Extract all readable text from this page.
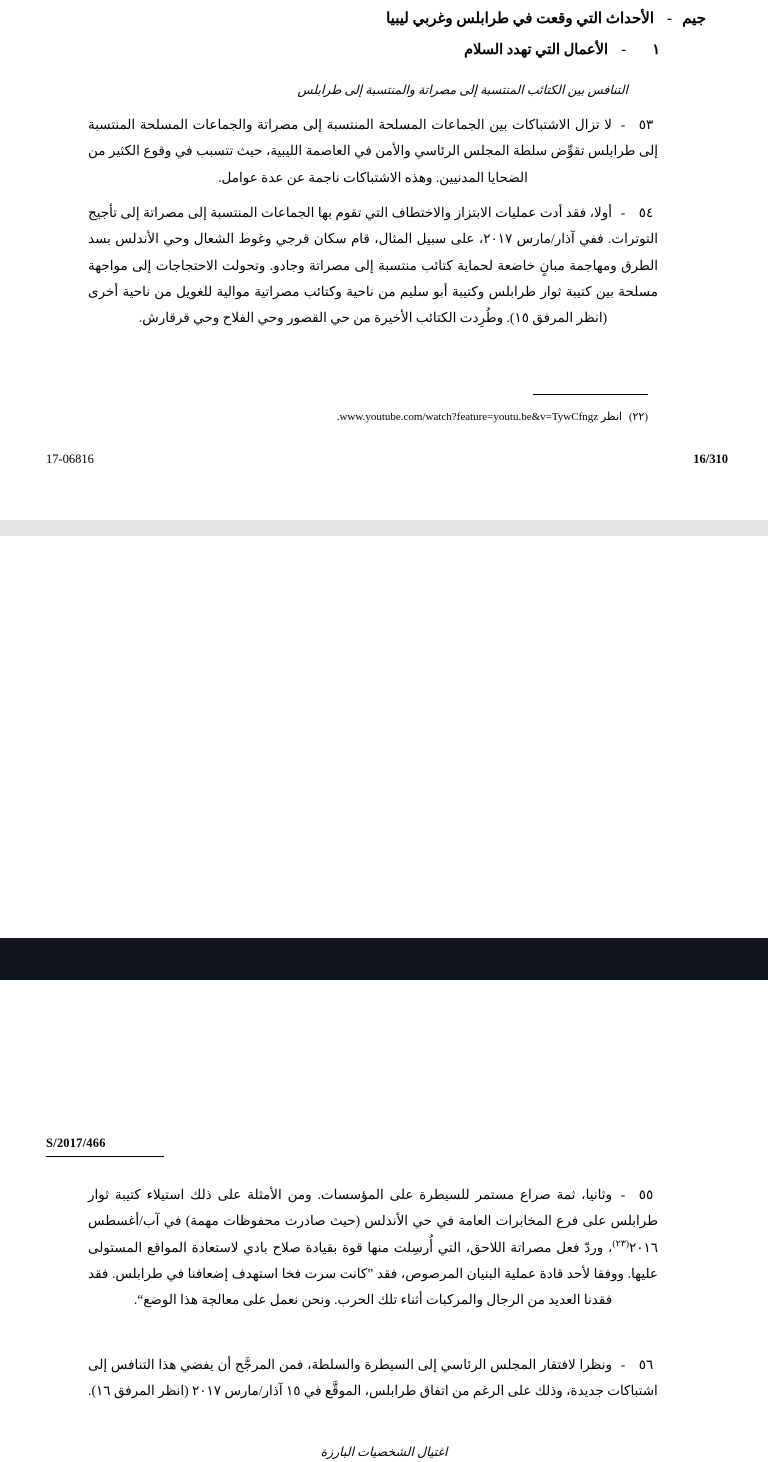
جيم-الأحداث التي وقعت في طرابلس وغربي ليبيا
١-الأعمال التي تهدد السلام

التنافس بين الكتائب المنتسبة إلى مصراتة والمنتسبة إلى طرابلس

٥٣-لا تزال الاشتباكات بين الجماعات المسلحة المنتسبة إلى مصراتة والجماعات المسلحة المنتسبة إلى طرابلس تقوِّض سلطة المجلس الرئاسي والأمن في العاصمة الليبية، حيث تتسبب في وقوع الكثير من الضحايا المدنيين. وهذه الاشتباكات ناجمة عن عدة عوامل.

٥٤-أولا، فقد أدت عمليات الابتزاز والاختطاف التي تقوم بها الجماعات المنتسبة إلى مصراتة إلى تأجيج التوترات. ففي آذار/مارس ٢٠١٧، على سبيل المثال، قام سكان قرجي وغوط الشعال وحي الأندلس بسد الطرق ومهاجمة مبانٍ خاضعة لحماية كتائب منتسبة إلى مصراتة وجادو. وتحولت الاحتجاجات إلى مواجهة مسلحة بين كتيبة ثوار طرابلس وكتيبة أبو سليم من ناحية وكتائب مصراتية موالية للغويل من ناحية أخرى (انظر المرفق ١٥). وطُرِدت الكتائب الأخيرة من حي القصور وحي الفلاح وحي قرقارش.

(٢٢) انظر www.youtube.com/watch?feature=youtu.be&v=TywCfngz.

17-06816	16/310
S/2017/466

٥٥-وثانيا، ثمة صراع مستمر للسيطرة على المؤسسات. ومن الأمثلة على ذلك استيلاء كتيبة ثوار طرابلس على فرع المخابرات العامة في حي الأندلس (حيث صادرت محفوظات مهمة) في آب/أغسطس ٢٠١٦$^{(٢٣)}$، وردّ فعل مصراتة اللاحق، التي أُرسِلت منها قوة بقيادة صلاح بادي لاستعادة المواقع المستولى عليها. ووفقا لأحد قادة عملية البنيان المرصوص، فقد ”كانت سرت فخا استهدف إضعافنا في طرابلس. فقد فقدنا العديد من الرجال والمركبات أثناء تلك الحرب. ونحن نعمل على معالجة هذا الوضع“.

٥٦-ونظرا لافتقار المجلس الرئاسي إلى السيطرة والسلطة، فمن المرجَّح أن يفضي هذا التنافس إلى اشتباكات جديدة، وذلك على الرغم من اتفاق طرابلس، الموقَّع في ١٥ آذار/مارس ٢٠١٧ (انظر المرفق ١٦).

اغتيال الشخصيات البارزة
